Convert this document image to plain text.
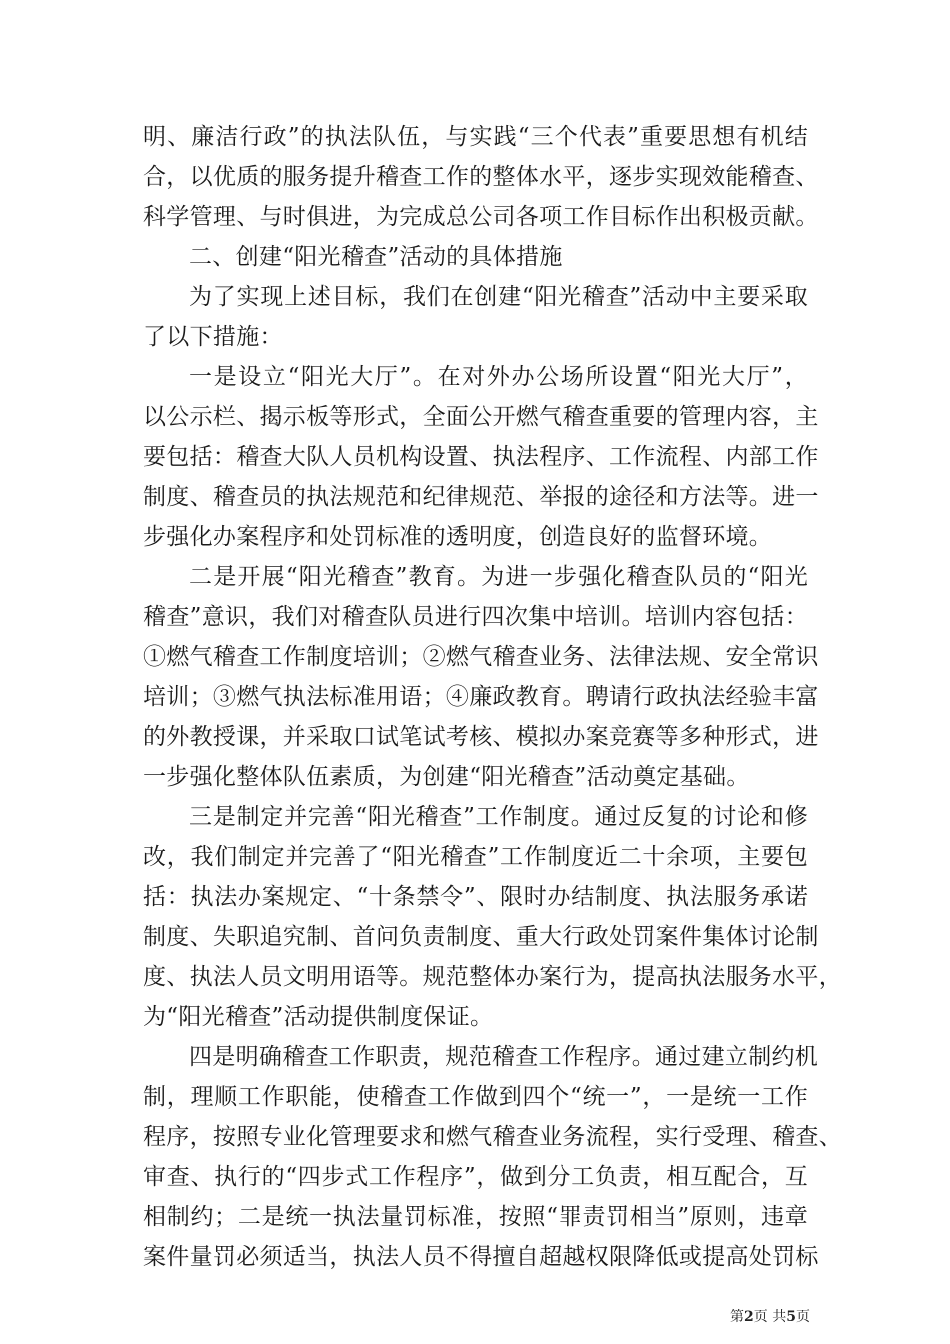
明、廉洁行政”的执法队伍，与实践“三个代表”重要思想有机结
合，以优质的服务提升稽查工作的整体水平，逐步实现效能稽查、
科学管理、与时俱进，为完成总公司各项工作目标作出积极贡献。
二、创建“阳光稽查”活动的具体措施
为了实现上述目标，我们在创建“阳光稽查”活动中主要采取
了以下措施：
一是设立“阳光大厅”。在对外办公场所设置“阳光大厅”，
以公示栏、揭示板等形式，全面公开燃气稽查重要的管理内容，主
要包括：稽查大队人员机构设置、执法程序、工作流程、内部工作
制度、稽查员的执法规范和纪律规范、举报的途径和方法等。进一
步强化办案程序和处罚标准的透明度，创造良好的监督环境。
二是开展“阳光稽查”教育。为进一步强化稽查队员的“阳光
稽查”意识，我们对稽查队员进行四次集中培训。培训内容包括：
①燃气稽查工作制度培训；②燃气稽查业务、法律法规、安全常识
培训；③燃气执法标准用语；④廉政教育。聘请行政执法经验丰富
的外教授课，并采取口试笔试考核、模拟办案竞赛等多种形式，进
一步强化整体队伍素质，为创建“阳光稽查”活动奠定基础。
三是制定并完善“阳光稽查”工作制度。通过反复的讨论和修
改，我们制定并完善了“阳光稽查”工作制度近二十余项，主要包
括：执法办案规定、“十条禁令”、限时办结制度、执法服务承诺
制度、失职追究制、首问负责制度、重大行政处罚案件集体讨论制
度、执法人员文明用语等。规范整体办案行为，提高执法服务水平，
为“阳光稽查”活动提供制度保证。
四是明确稽查工作职责，规范稽查工作程序。通过建立制约机
制，理顺工作职能，使稽查工作做到四个“统一”，一是统一工作
程序，按照专业化管理要求和燃气稽查业务流程，实行受理、稽查、
审查、执行的“四步式工作程序”，做到分工负责，相互配合，互
相制约；二是统一执法量罚标准，按照“罪责罚相当”原则，违章
案件量罚必须适当，执法人员不得擅自超越权限降低或提高处罚标
第2页 共5页
